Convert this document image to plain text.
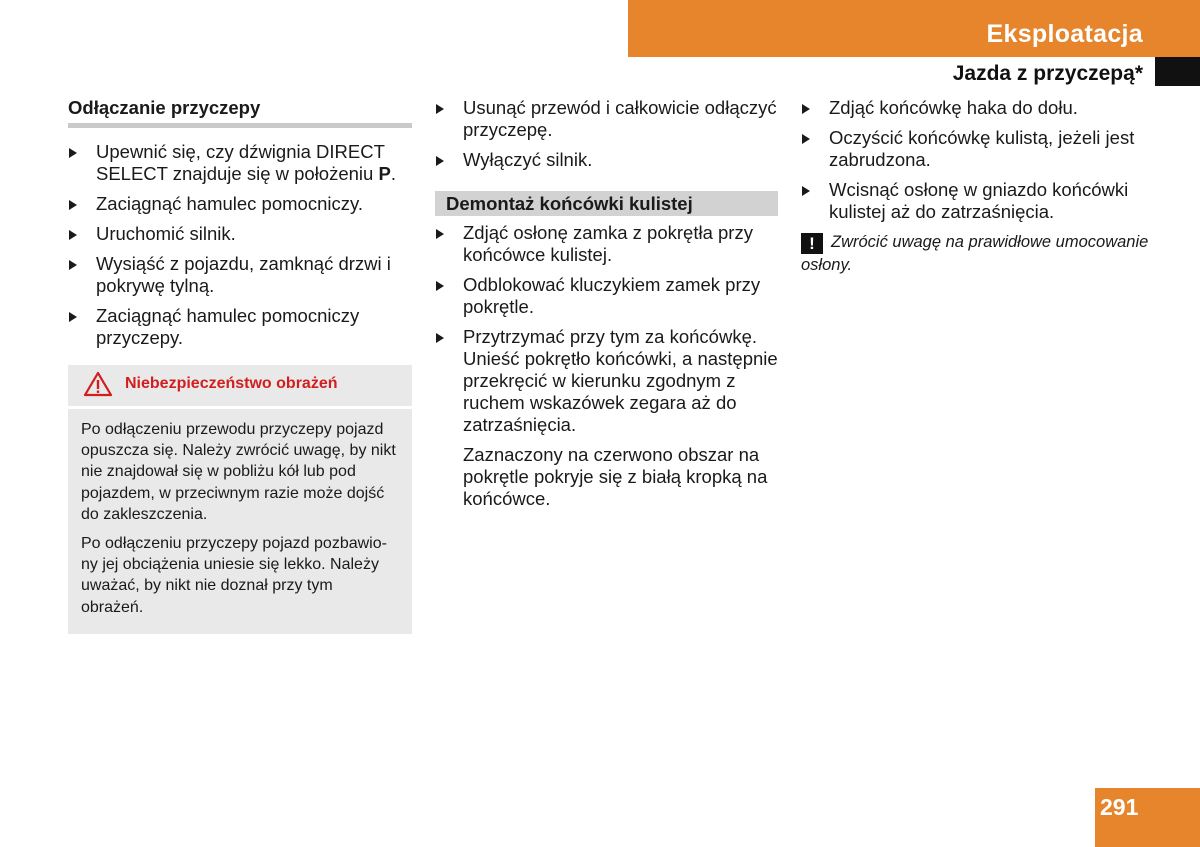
Eksploatacja
Jazda z przyczepą*
Odłączanie przyczepy
Upewnić się, czy dźwignia DIRECT SELECT znajduje się w położeniu P.
Zaciągnąć hamulec pomocniczy.
Uruchomić silnik.
Wysiąść z pojazdu, zamknąć drzwi i pokrywę tylną.
Zaciągnąć hamulec pomocniczy przyczepy.
Niebezpieczeństwo obrażeń

Po odłączeniu przewodu przyczepy pojazd opuszcza się. Należy zwrócić uwagę, by nikt nie znajdował się w pobliżu kół lub pod pojazdem, w przeciwnym razie może dojść do zakleszczenia.

Po odłączeniu przyczepy pojazd pozbawio-ny jej obciążenia uniesie się lekko. Należy uważać, by nikt nie doznał przy tym obrażeń.

Usunąć przewód i całkowicie odłączyć przyczepę.
Wyłączyć silnik.
Demontaż końcówki kulistej
Zdjąć osłonę zamka z pokrętła przy końcówce kulistej.
Odblokować kluczykiem zamek przy pokrętle.
Przytrzymać przy tym za końcówkę. Unieść pokrętło końcówki, a następnie przekręcić w kierunku zgodnym z ruchem wskazówek zegara aż do zatrzaśnięcia.
Zaznaczony na czerwono obszar na pokrętle pokryje się z białą kropką na końcówce.
Zdjąć końcówkę haka do dołu.
Oczyścić końcówkę kulistą, jeżeli jest zabrudzona.
Wcisnąć osłonę w gniazdo końcówki kulistej aż do zatrzaśnięcia.
! Zwrócić uwagę na prawidłowe umocowanie osłony.
291
